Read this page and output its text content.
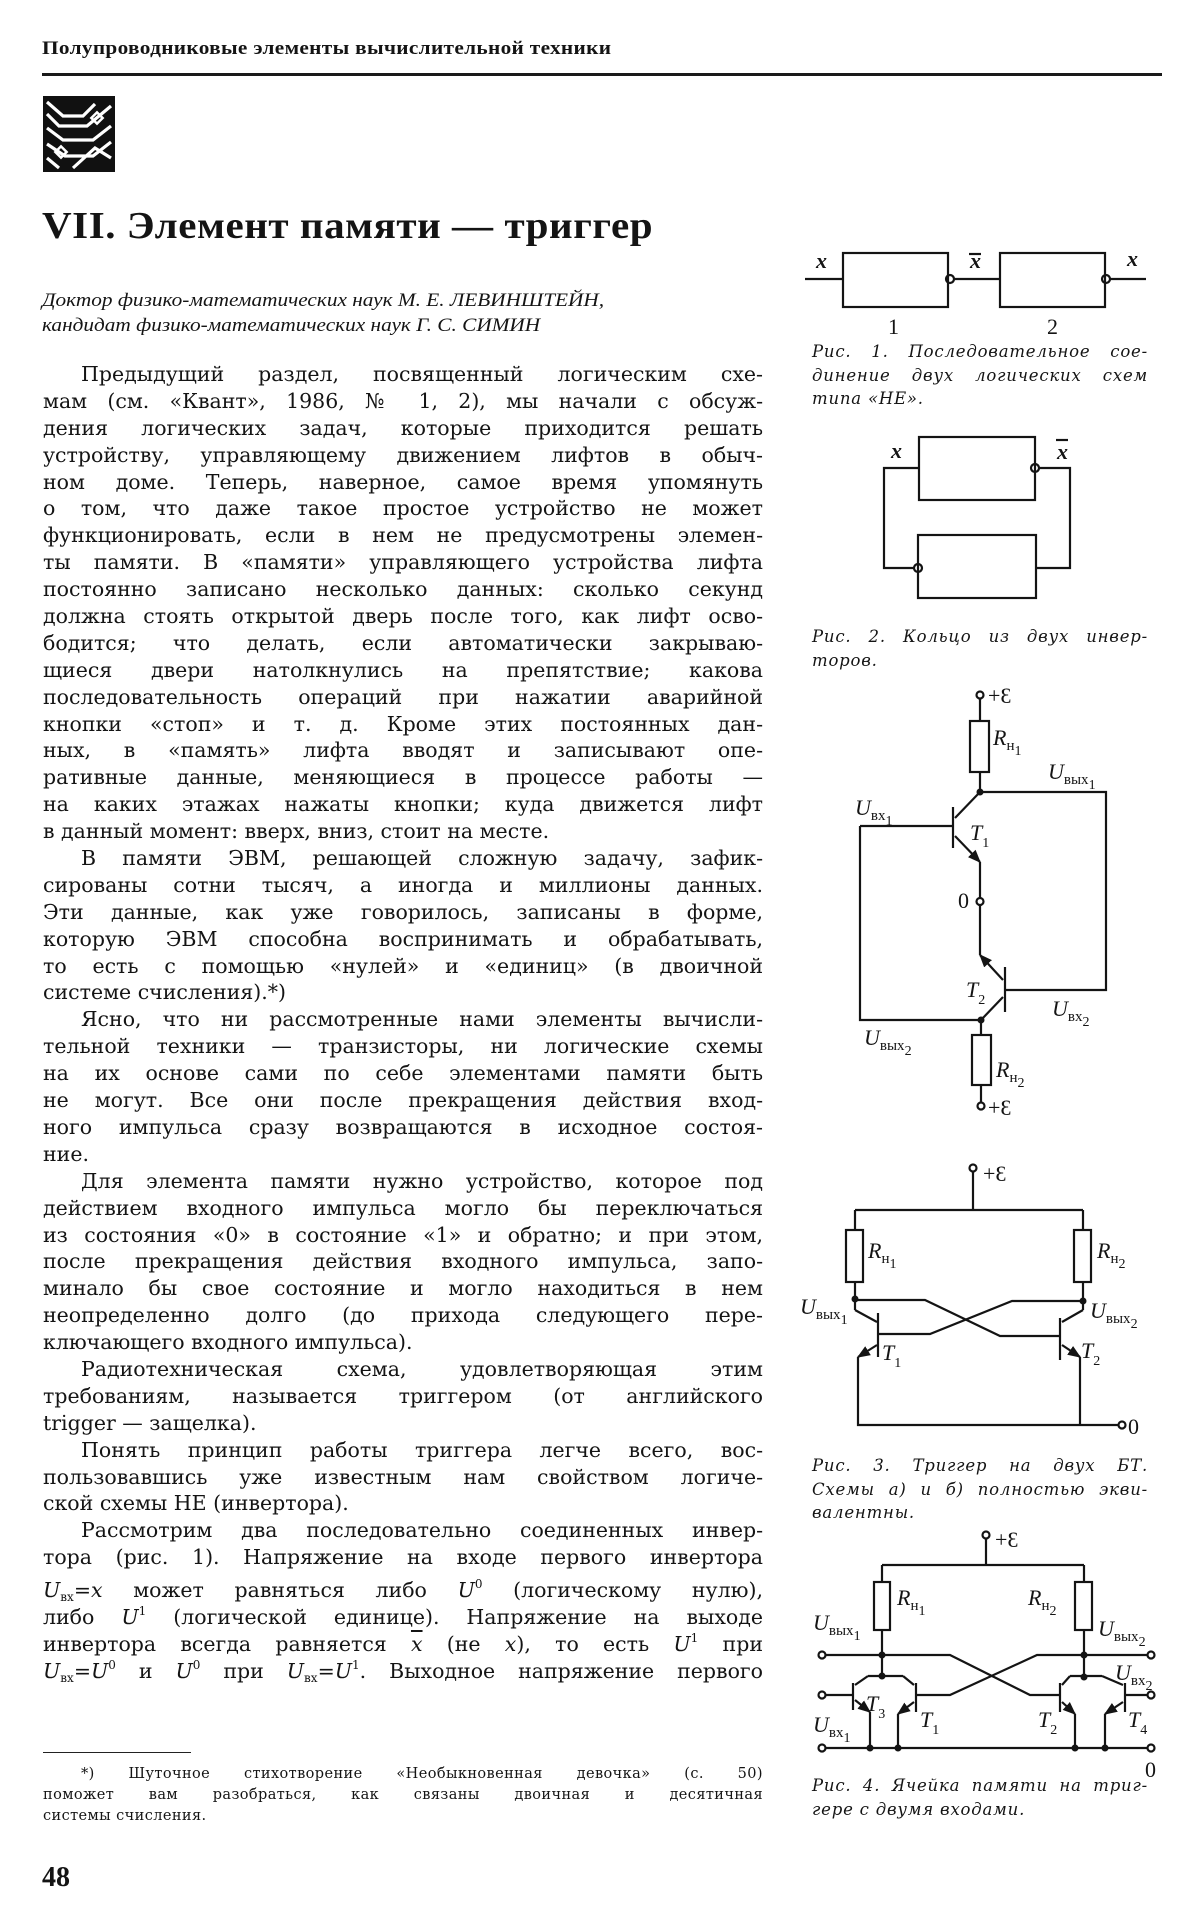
Полупроводниковые элементы вычислительной техники
VII. Элемент памяти — триггер
Доктор физико-математических наук М. Е. ЛЕВИНШТЕЙН,
кандидат физико-математических наук Г. С. СИМИН
Предыдущий раздел, посвященный логическим схе-
мам (см. «Квант», 1986, № 1, 2), мы начали с обсуж-
дения логических задач, которые приходится решать
устройству, управляющему движением лифтов в обыч-
ном доме. Теперь, наверное, самое время упомянуть
о том, что даже такое простое устройство не может
функционировать, если в нем не предусмотрены элемен-
ты памяти. В «памяти» управляющего устройства лифта
постоянно записано несколько данных: сколько секунд
должна стоять открытой дверь после того, как лифт осво-
бодится; что делать, если автоматически закрываю-
щиеся двери натолкнулись на препятствие; какова
последовательность операций при нажатии аварийной
кнопки «стоп» и т. д. Кроме этих постоянных дан-
ных, в «память» лифта вводят и записывают опе-
ративные данные, меняющиеся в процессе работы —
на каких этажах нажаты кнопки; куда движется лифт
в данный момент: вверх, вниз, стоит на месте.
В памяти ЭВМ, решающей сложную задачу, зафик-
сированы сотни тысяч, а иногда и миллионы данных.
Эти данные, как уже говорилось, записаны в форме,
которую ЭВМ способна воспринимать и обрабатывать,
то есть с помощью «нулей» и «единиц» (в двоичной
системе счисления).*)
Ясно, что ни рассмотренные нами элементы вычисли-
тельной техники — транзисторы, ни логические схемы
на их основе сами по себе элементами памяти быть
не могут. Все они после прекращения действия вход-
ного импульса сразу возвращаются в исходное состоя-
ние.
Для элемента памяти нужно устройство, которое под
действием входного импульса могло бы переключаться
из состояния «0» в состояние «1» и обратно; и при этом,
после прекращения действия входного импульса, запо-
минало бы свое состояние и могло находиться в нем
неопределенно долго (до прихода следующего пере-
ключающего входного импульса).
Радиотехническая схема, удовлетворяющая этим
требованиям, называется триггером (от английского
trigger — защелка).
Понять принцип работы триггера легче всего, вос-
пользовавшись уже известным нам свойством логиче-
ской схемы НЕ (инвертора).
Рассмотрим два последовательно соединенных инвер-
тора (рис. 1). Напряжение на входе первого инвертора
$U_{вх}=x$ может равняться либо $U^0$ (логическому нулю),
либо $U^1$ (логической единице). Напряжение на выходе
инвертора всегда равняется $\overline{x}$ (не x), то есть $U^1$ при
$U_{вх}=U^0$ и $U^0$ при $U_{вх}=U^1$. Выходное напряжение первого
*) Шуточное стихотворение «Необыкновенная девочка» (с. 50)
поможет вам разобраться, как связаны двоичная и десятичная
системы счисления.
48
Рис. 1. Последовательное сое-
динение двух логических схем
типа «НЕ».
Рис. 2. Кольцо из двух инвер-
торов.
Рис. 3. Триггер на двух БТ.
Схемы а) и б) полностью экви-
валентны.
Рис. 4. Ячейка памяти на триг-
гере с двумя входами.
x	x	x
1	2
x	x
+Ɛ
$R_{н1}$
$U_{вых1}$
$U_{вх1}$	$T_1$
0
$T_2$	$U_{вх2}$
$U_{вых2}$
$R_{н2}$
+Ɛ
+Ɛ
$R_{н1}$
$R_{н2}$
$U_{вых1}$	$U_{вых2}$
$T_1$
$T_2$
0
+Ɛ
$R_{н1}$
$R_{н2}$
$U_{вых1}$	$U_{вых2}$
$U_{вх2}$
$T_3$ $T_1$	$T_2$	$T_4$
$U_{вх1}$
0
